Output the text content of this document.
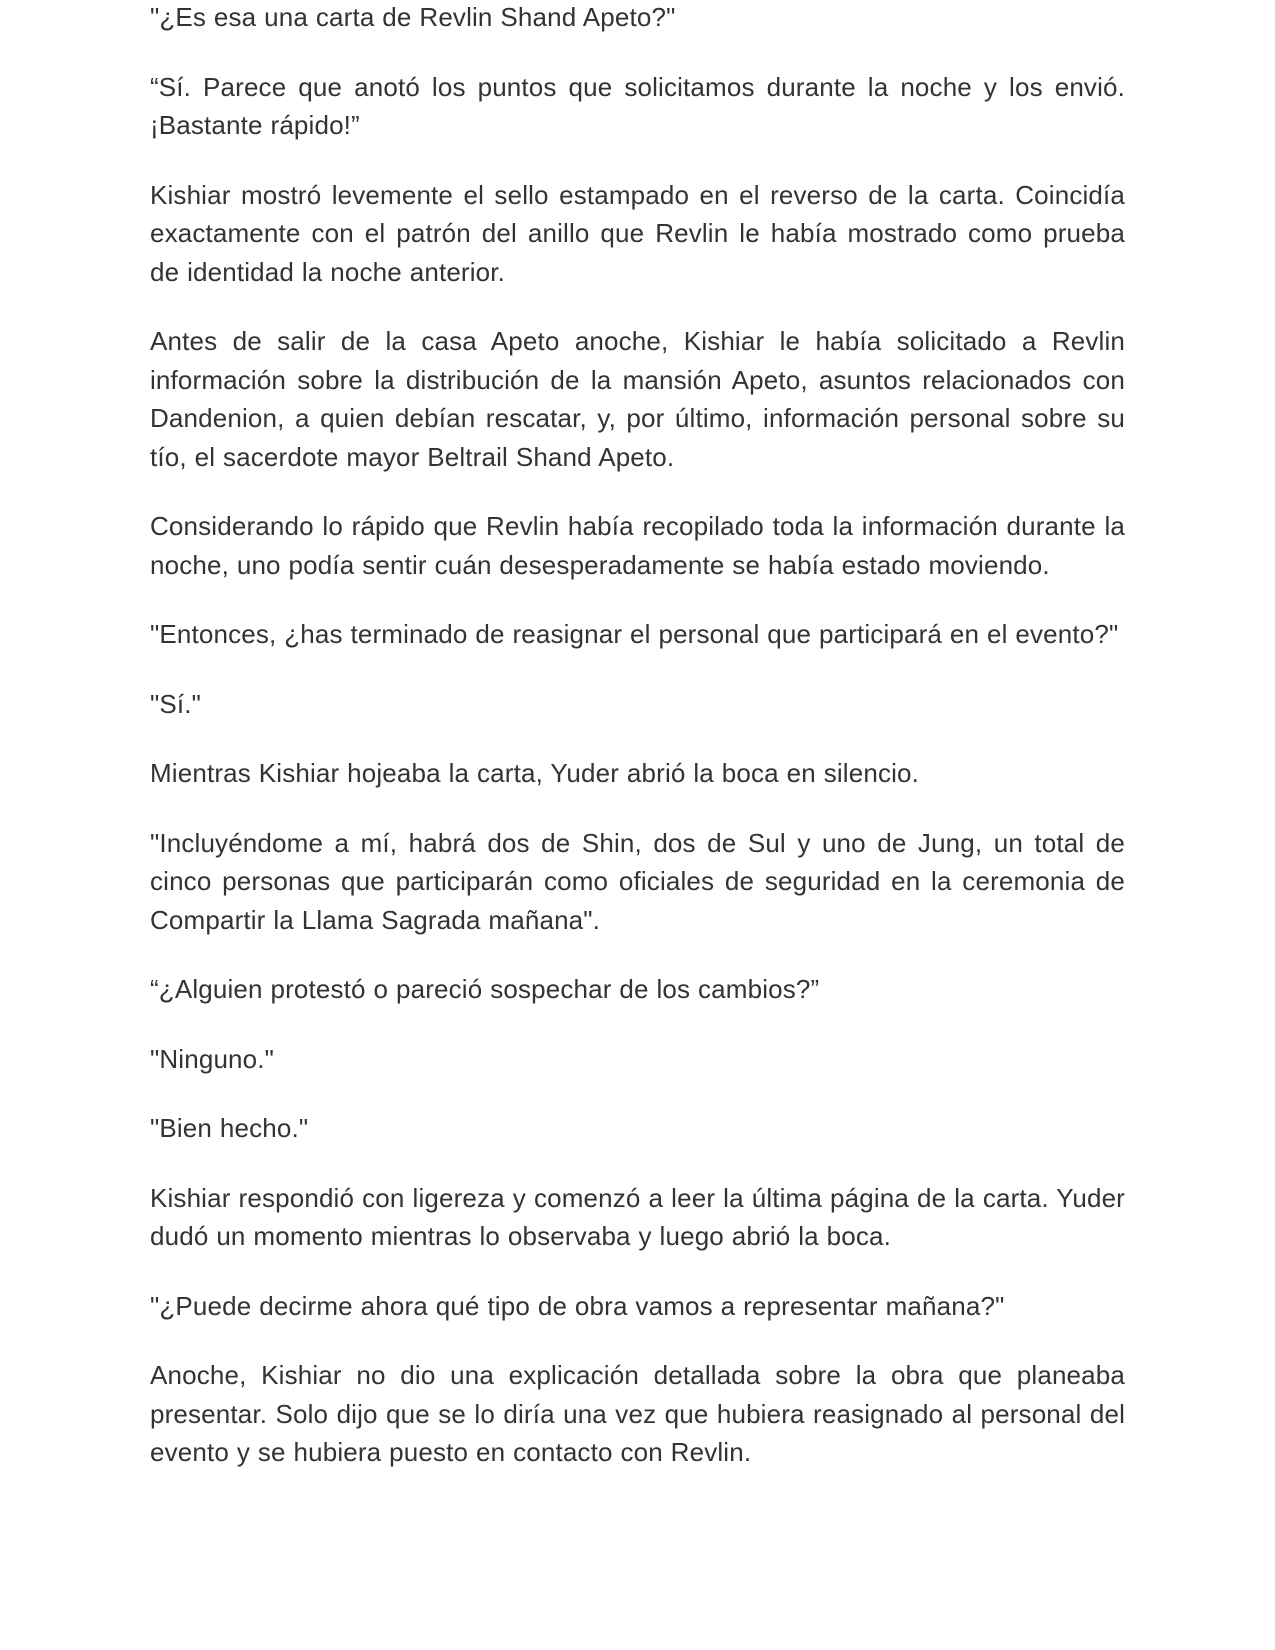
"¿Es esa una carta de Revlin Shand Apeto?"

“Sí. Parece que anotó los puntos que solicitamos durante la noche y los envió. ¡Bastante rápido!”

Kishiar mostró levemente el sello estampado en el reverso de la carta. Coincidía exactamente con el patrón del anillo que Revlin le había mostrado como prueba de identidad la noche anterior.

Antes de salir de la casa Apeto anoche, Kishiar le había solicitado a Revlin información sobre la distribución de la mansión Apeto, asuntos relacionados con Dandenion, a quien debían rescatar, y, por último, información personal sobre su tío, el sacerdote mayor Beltrail Shand Apeto.

Considerando lo rápido que Revlin había recopilado toda la información durante la noche, uno podía sentir cuán desesperadamente se había estado moviendo.

"Entonces, ¿has terminado de reasignar el personal que participará en el evento?"

"Sí."

Mientras Kishiar hojeaba la carta, Yuder abrió la boca en silencio.

"Incluyéndome a mí, habrá dos de Shin, dos de Sul y uno de Jung, un total de cinco personas que participarán como oficiales de seguridad en la ceremonia de Compartir la Llama Sagrada mañana".

“¿Alguien protestó o pareció sospechar de los cambios?”

"Ninguno."

"Bien hecho."

Kishiar respondió con ligereza y comenzó a leer la última página de la carta. Yuder dudó un momento mientras lo observaba y luego abrió la boca.

"¿Puede decirme ahora qué tipo de obra vamos a representar mañana?"

Anoche, Kishiar no dio una explicación detallada sobre la obra que planeaba presentar. Solo dijo que se lo diría una vez que hubiera reasignado al personal del evento y se hubiera puesto en contacto con Revlin.
